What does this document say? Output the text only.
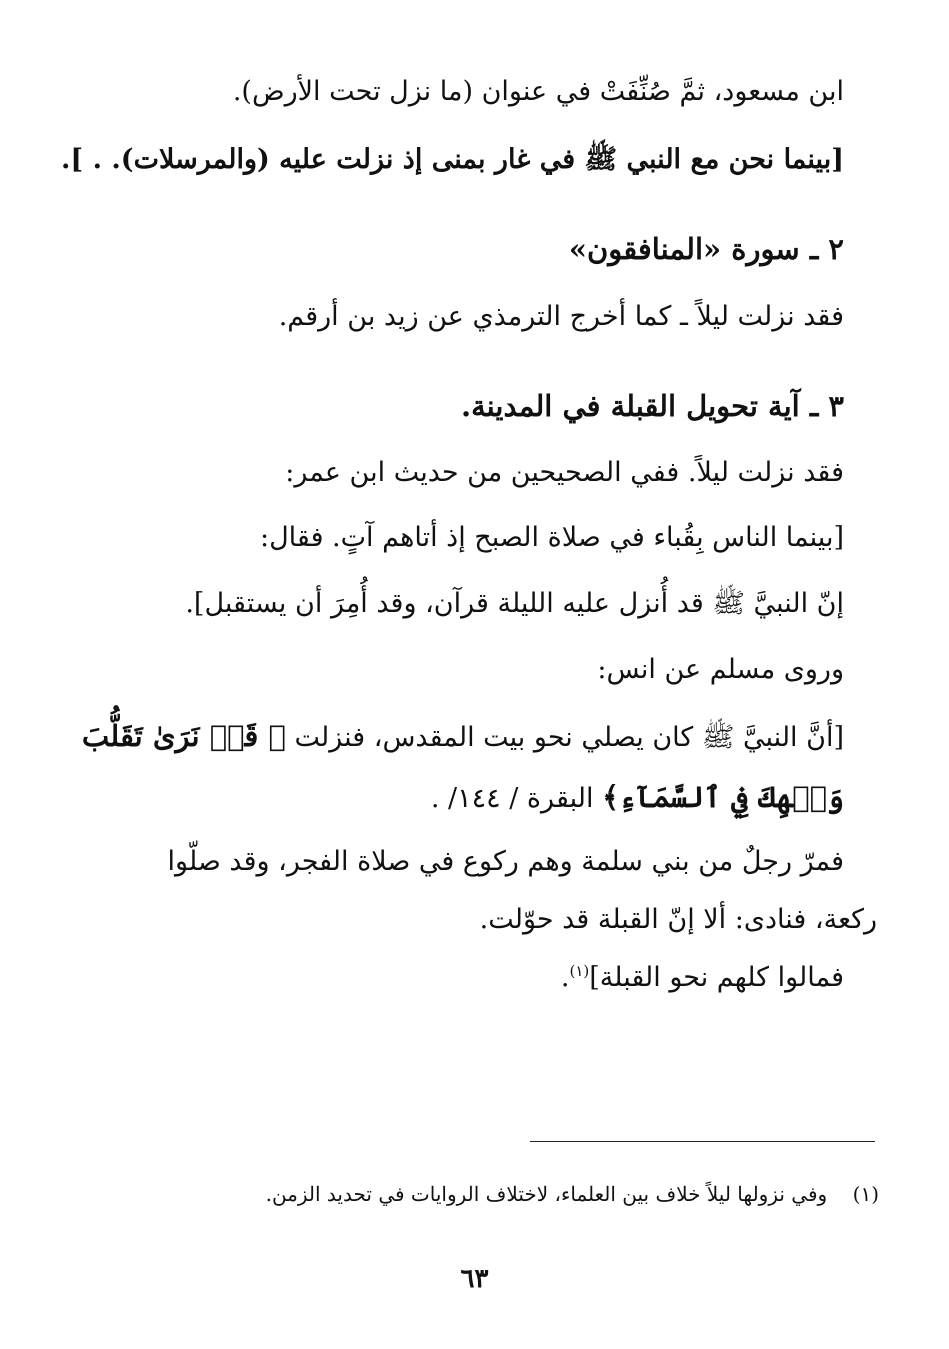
ابن مسعود، ثمَّ صُنِّفَتْ في عنوان (ما نزل تحت الأرض).
[بينما نحن مع النبي ﷺ في غار بمنى إذ نزلت عليه (والمرسلات). . ].
٢ ـ سورة «المنافقون»
فقد نزلت ليلاً ـ كما أخرج الترمذي عن زيد بن أرقم.
٣ ـ آية تحويل القبلة في المدينة.
فقد نزلت ليلاً. ففي الصحيحين من حديث ابن عمر:
[بينما الناس بِقُباء في صلاة الصبح إذ أتاهم آتٍ. فقال:
إنّ النبيَّ ﷺ قد أُنزل عليه الليلة قرآن، وقد أُمِرَ أن يستقبل].
وروى مسلم عن انس:
[أنَّ النبيَّ ﷺ كان يصلي نحو بيت المقدس، فنزلت ﴿ قَدۡ نَرَىٰ تَقَلُّبَ
وَجۡهِكَ فِي ٱلسَّمَآءِ﴾ البقرة / ١٤٤/ .
فمرّ رجلٌ من بني سلمة وهم ركوع في صلاة الفجر، وقد صلّوا
ركعة، فنادى: ألا إنّ القبلة قد حوّلت.
فمالوا كلهم نحو القبلة]$^{(١)}$.
(١)    وفي نزولها ليلاً خلاف بين العلماء، لاختلاف الروايات في تحديد الزمن.
٦٣
